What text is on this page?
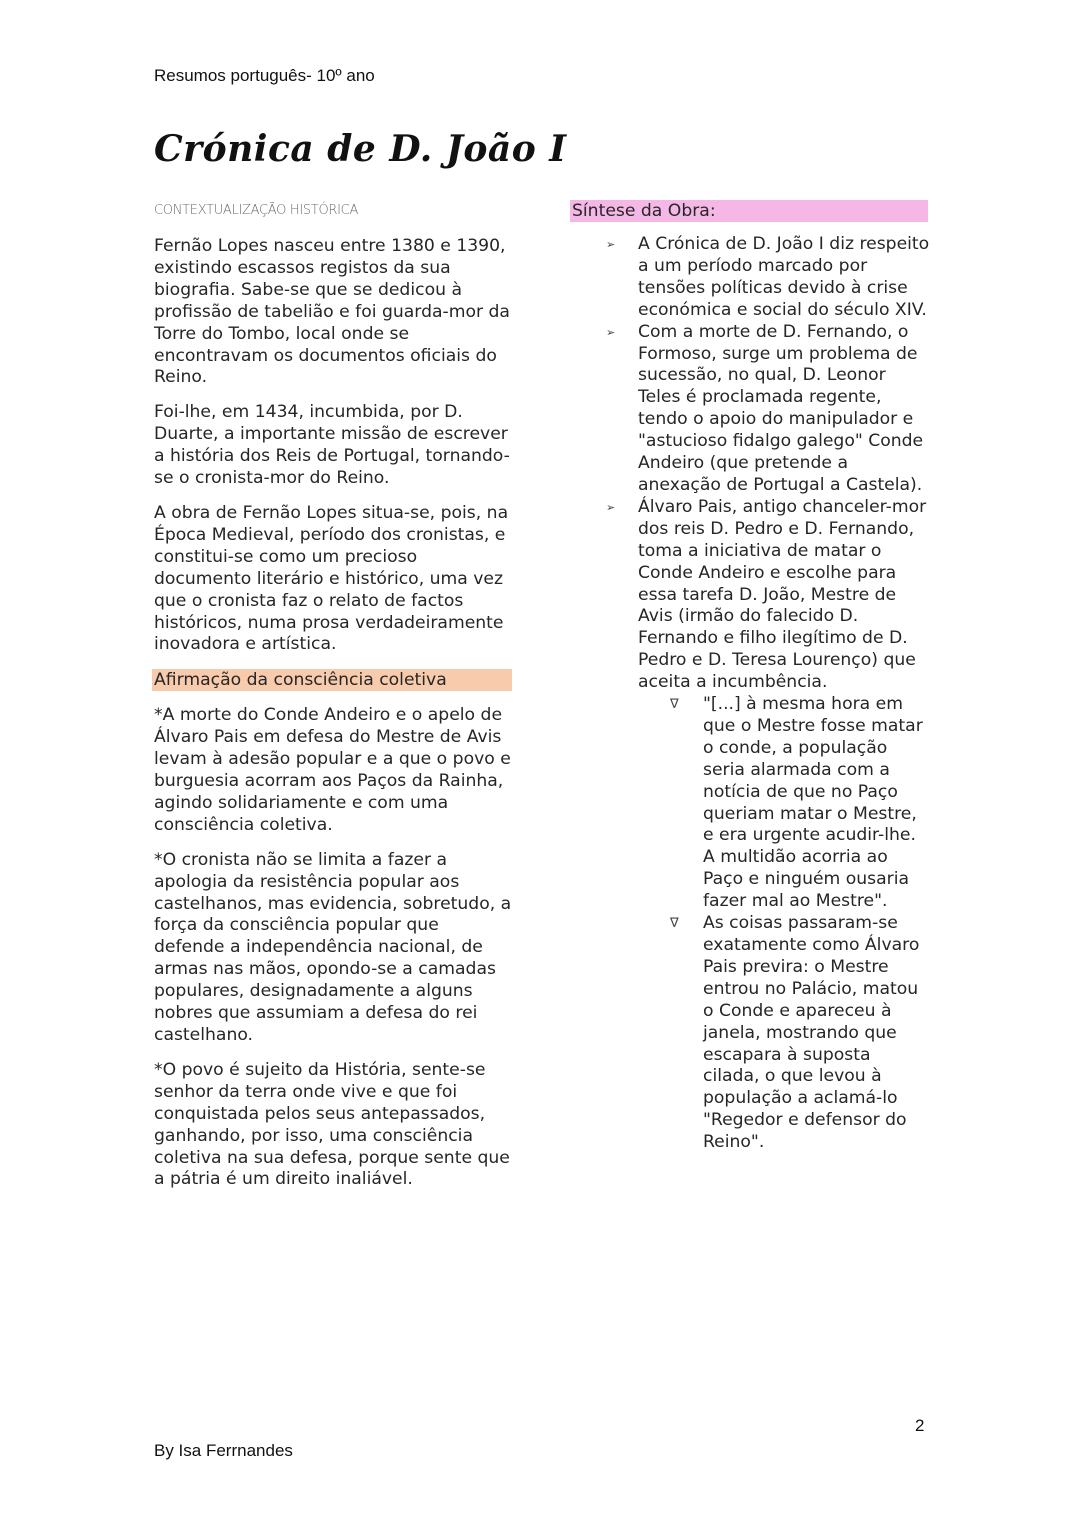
Resumos português- 10º ano
Crónica de D. João I
CONTEXTUALIZAÇÃO HISTÓRICA

Fernão Lopes nasceu entre 1380 e 1390, existindo escassos registos da sua biografia. Sabe-se que se dedicou à profissão de tabelião e foi guarda-mor da Torre do Tombo, local onde se encontravam os documentos oficiais do Reino.

Foi-lhe, em 1434, incumbida, por D. Duarte, a importante missão de escrever a história dos Reis de Portugal, tornando-se o cronista-mor do Reino.

A obra de Fernão Lopes situa-se, pois, na Época Medieval, período dos cronistas, e constitui-se como um precioso documento literário e histórico, uma vez que o cronista faz o relato de factos históricos, numa prosa verdadeiramente inovadora e artística.

Afirmação da consciência coletiva

*A morte do Conde Andeiro e o apelo de Álvaro Pais em defesa do Mestre de Avis levam à adesão popular e a que o povo e burguesia acorram aos Paços da Rainha, agindo solidariamente e com uma consciência coletiva.

*O cronista não se limita a fazer a apologia da resistência popular aos castelhanos, mas evidencia, sobretudo, a força da consciência popular que defende a independência nacional, de armas nas mãos, opondo-se a camadas populares, designadamente a alguns nobres que assumiam a defesa do rei castelhano.

*O povo é sujeito da História, sente-se senhor da terra onde vive e que foi conquistada pelos seus antepassados, ganhando, por isso, uma consciência coletiva na sua defesa, porque sente que a pátria é um direito inaliável.

Síntese da Obra:
➢ A Crónica de D. João I diz respeito a um período marcado por tensões políticas devido à crise económica e social do século XIV.
➢ Com a morte de D. Fernando, o Formoso, surge um problema de sucessão, no qual, D. Leonor Teles é proclamada regente, tendo o apoio do manipulador e "astucioso fidalgo galego" Conde Andeiro (que pretende a anexação de Portugal a Castela).
➢ Álvaro Pais, antigo chanceler-mor dos reis D. Pedro e D. Fernando, toma a iniciativa de matar o Conde Andeiro e escolhe para essa tarefa D. João, Mestre de Avis (irmão do falecido D. Fernando e filho ilegítimo de D. Pedro e D. Teresa Lourenço) que aceita a incumbência.
∇ "[...] à mesma hora em que o Mestre fosse matar o conde, a população seria alarmada com a notícia de que no Paço queriam matar o Mestre, e era urgente acudir-lhe. A multidão acorria ao Paço e ninguém ousaria fazer mal ao Mestre".
∇ As coisas passaram-se exatamente como Álvaro Pais previra: o Mestre entrou no Palácio, matou o Conde e apareceu à janela, mostrando que escapara à suposta cilada, o que levou à população a aclamá-lo "Regedor e defensor do Reino".
2
By Isa Ferrnandes
